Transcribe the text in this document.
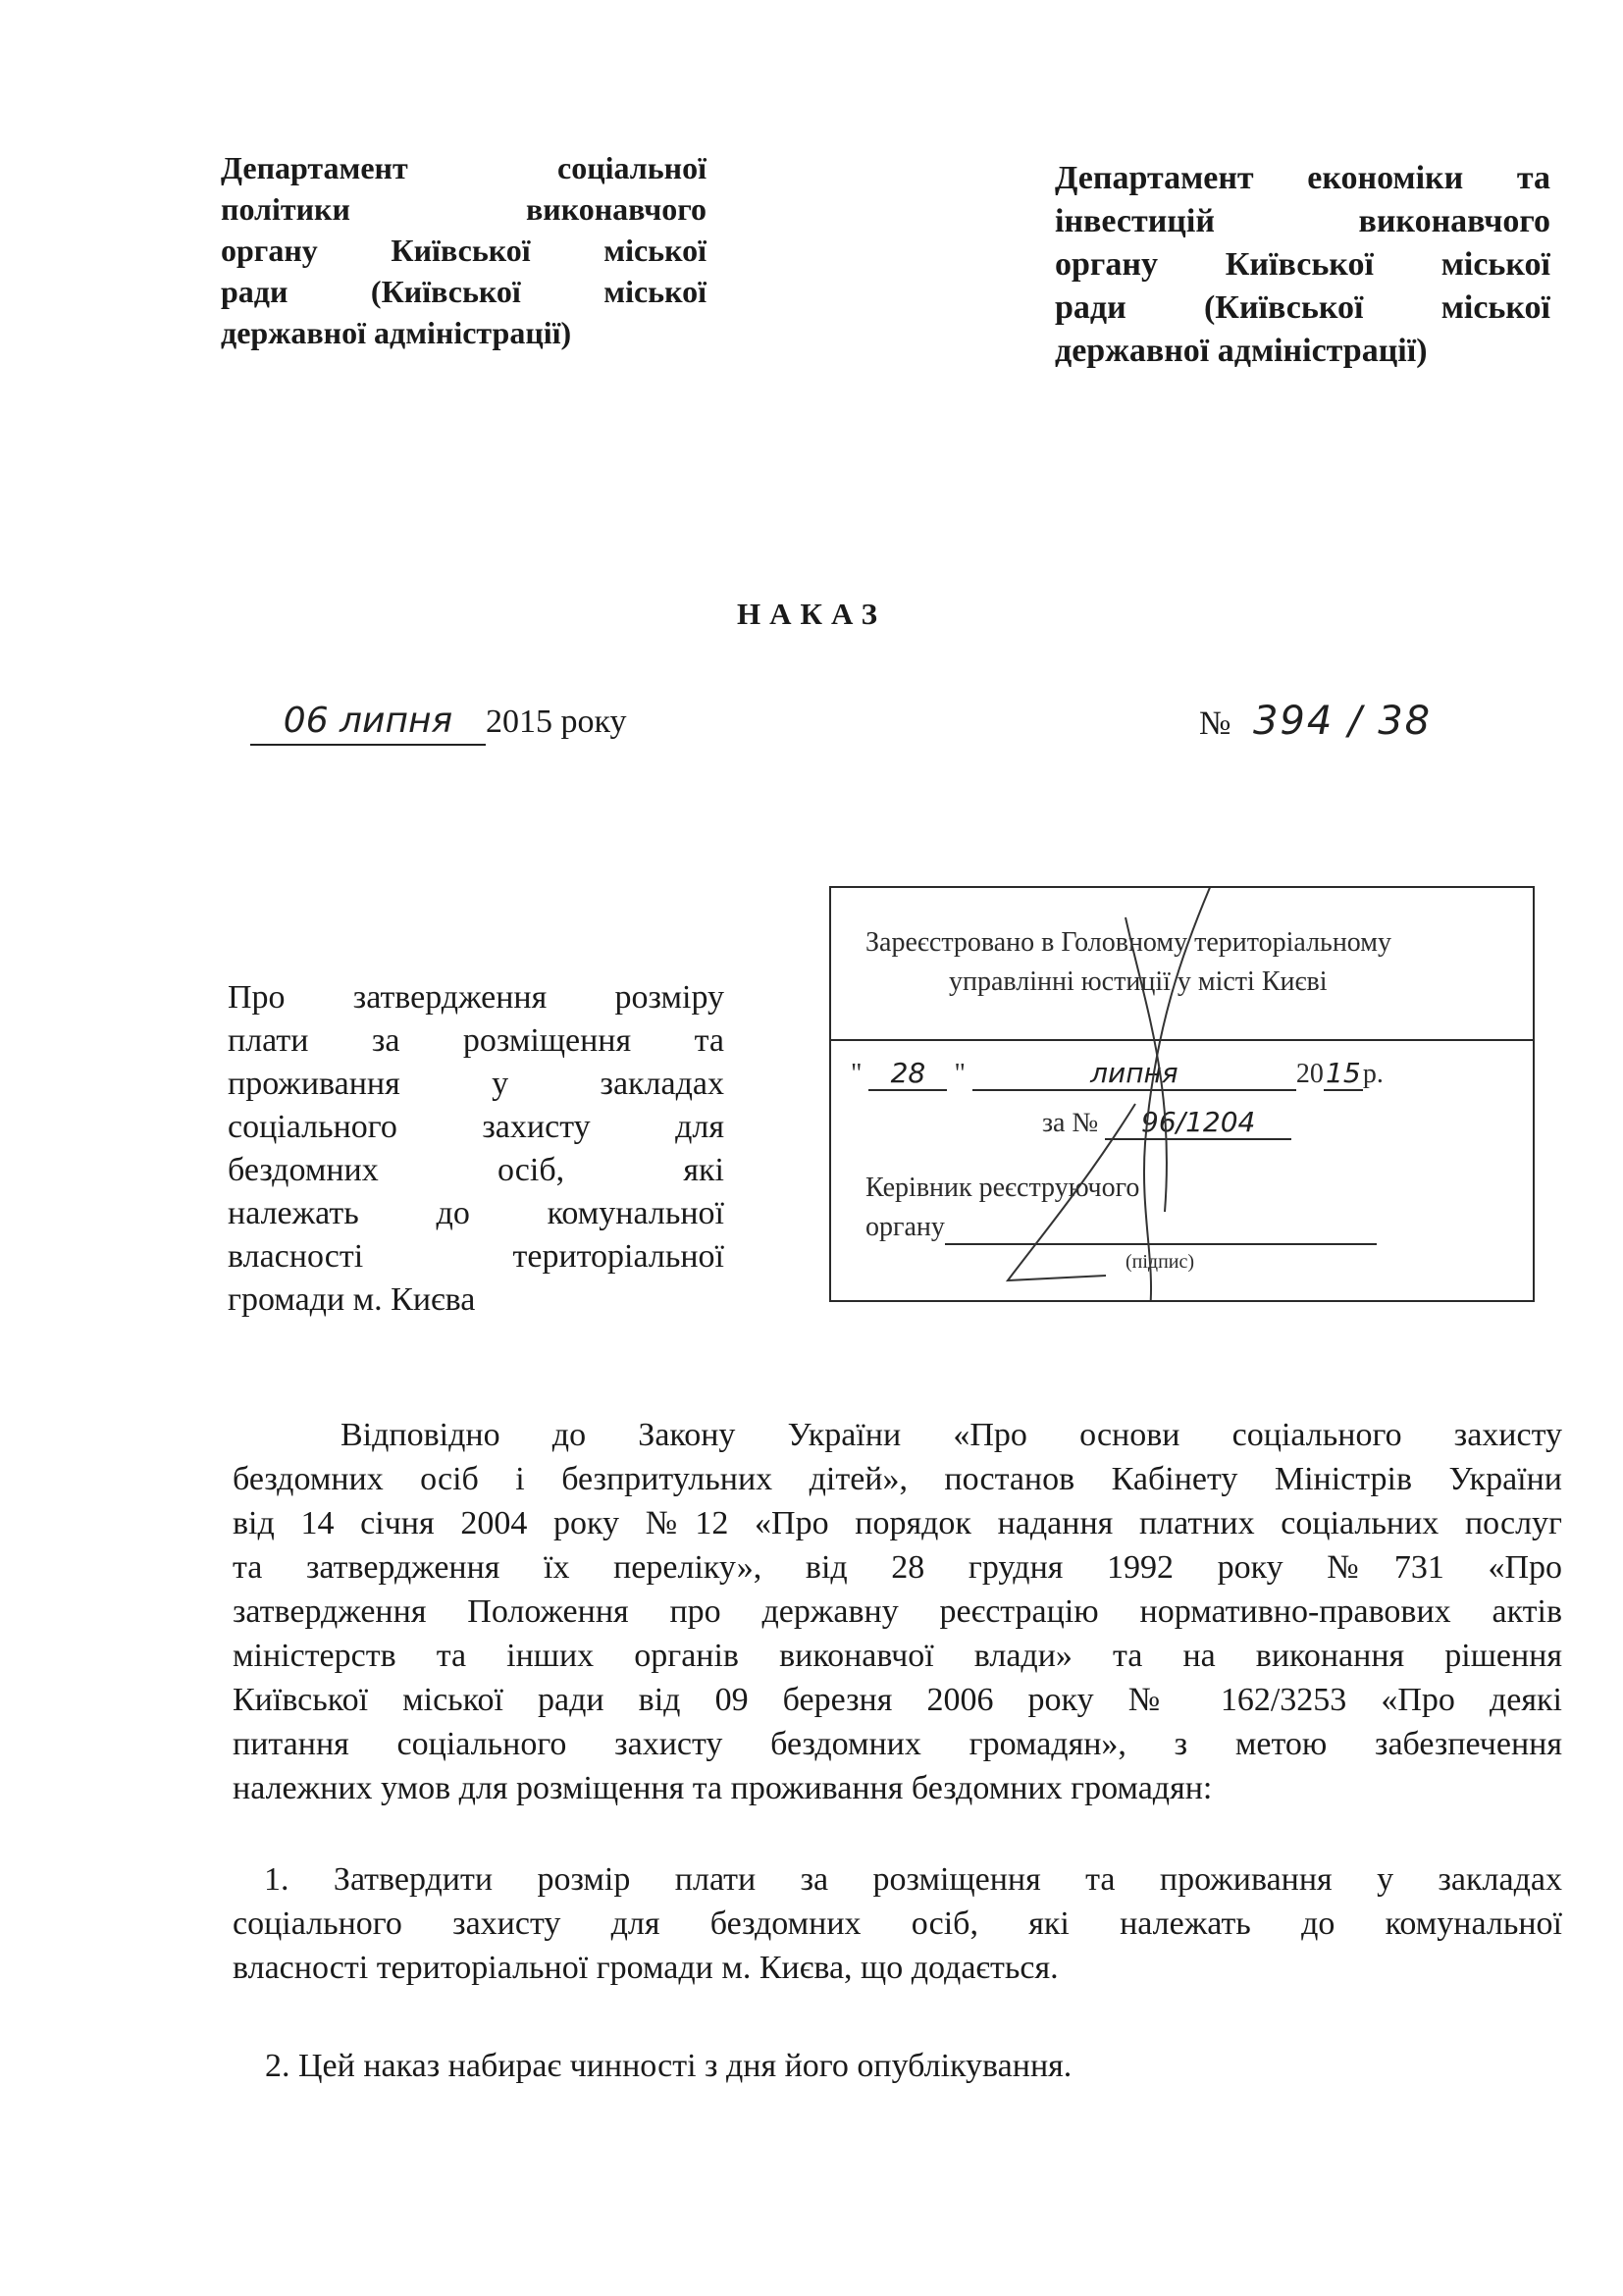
Департамент соціальної
політики виконавчого
органу Київської міської
ради (Київської міської
державної адміністрації)
Департамент економіки та
інвестицій виконавчого
органу Київської міської
ради (Київської міської
державної адміністрації)
НАКАЗ
06 липня 2015 року	№ 394 / 38
Про затвердження розміру
плати за розміщення та
проживання у закладах
соціального захисту для
бездомних осіб, які
належать до комунальної
власності територіальної
громади м. Києва
Зареєстровано в Головному територіальному
управлінні юстиції у місті Києві
" 28 "	липня	2015р.
за № 96/1204
Керівник реєструючого
органу
(підпис)
Відповідно до Закону України «Про основи соціального захисту
бездомних осіб і безпритульних дітей», постанов Кабінету Міністрів України
від 14 січня 2004 року №12 «Про порядок надання платних соціальних послуг
та затвердження їх переліку», від 28 грудня 1992 року №731 «Про
затвердження Положення про державну реєстрацію нормативно-правових актів
міністерств та інших органів виконавчої влади» та на виконання рішення
Київської міської ради від 09 березня 2006 року № 162/3253 «Про деякі
питання соціального захисту бездомних громадян», з метою забезпечення
належних умов для розміщення та проживання бездомних громадян:
1. Затвердити розмір плати за розміщення та проживання у закладах
соціального захисту для бездомних осіб, які належать до комунальної
власності територіальної громади м. Києва, що додається.
2. Цей наказ набирає чинності з дня його опублікування.
